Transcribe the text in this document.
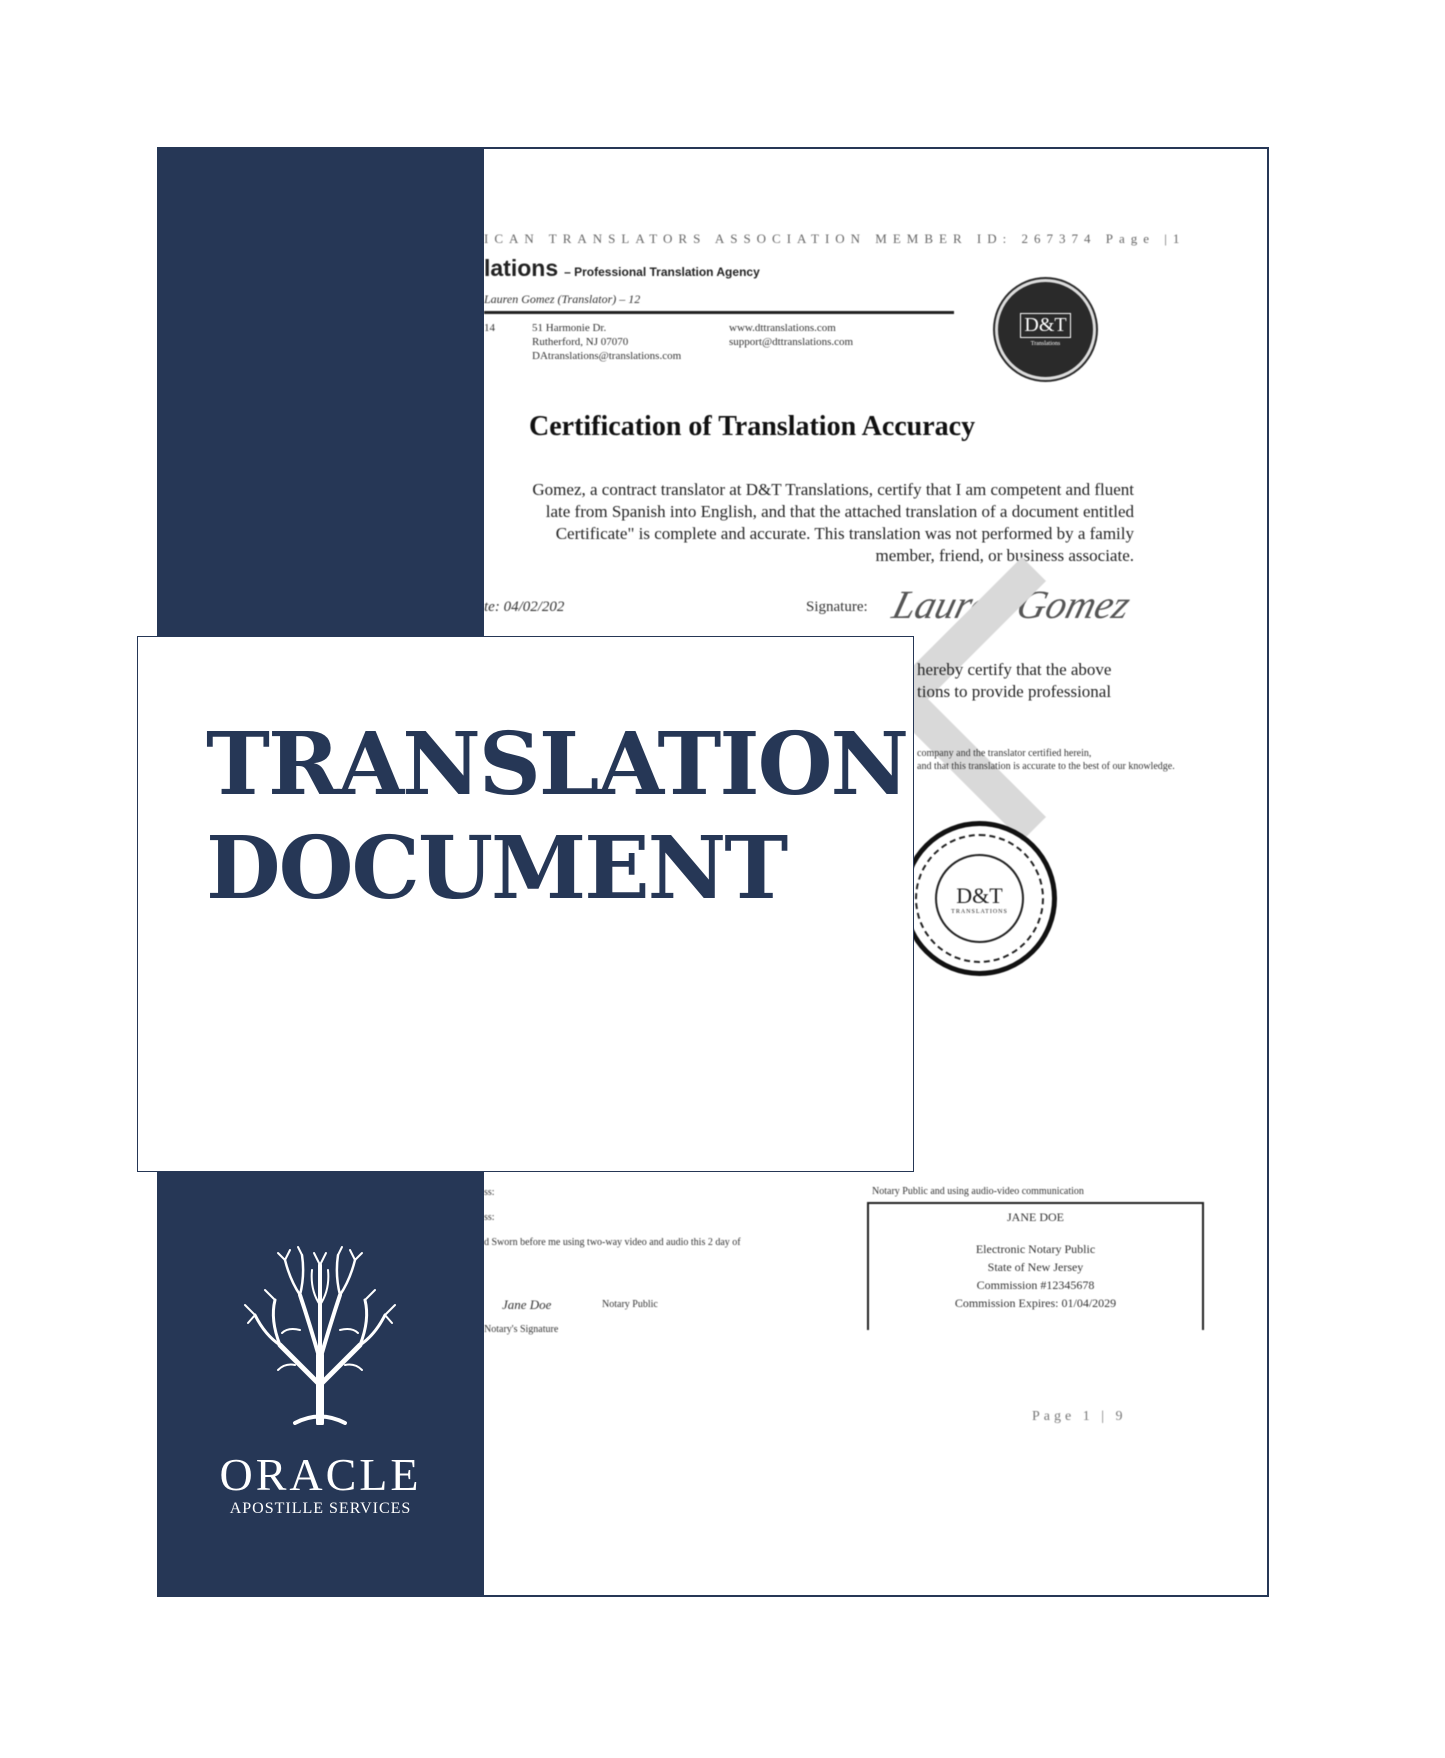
ICAN TRANSLATORS ASSOCIATION MEMBER ID: 267374 Page |1
lations – Professional Translation Agency
Lauren Gomez (Translator) – 12
14	51 Harmonie Dr.
Rutherford, NJ 07070
DAtranslations@translations.com
www.dttranslations.com
support@dttranslations.com
D&T
Translations
Certification of Translation Accuracy
Gomez, a contract translator at D&T Translations, certify that I am competent and fluent
late from Spanish into English, and that the attached translation of a document entitled
Certificate" is complete and accurate. This translation was not performed by a family
member, friend, or business associate.
te: 04/02/202	Signature: Lauren Gomez
hereby certify that the above
tions to provide professional
company and the translator certified herein,
and that this translation is accurate to the best of our knowledge.
D&T
TRANSLATIONS
ss:
ss:
d Sworn before me using two-way video and audio this 2 day of
Jane Doe	Notary Public
Notary's Signature
Notary Public and using audio-video communication
JANE DOE
Electronic Notary Public
State of New Jersey
Commission #12345678
Commission Expires: 01/04/2029
Page 1 | 9
TRANSLATION
DOCUMENT
ORACLE
APOSTILLE SERVICES
